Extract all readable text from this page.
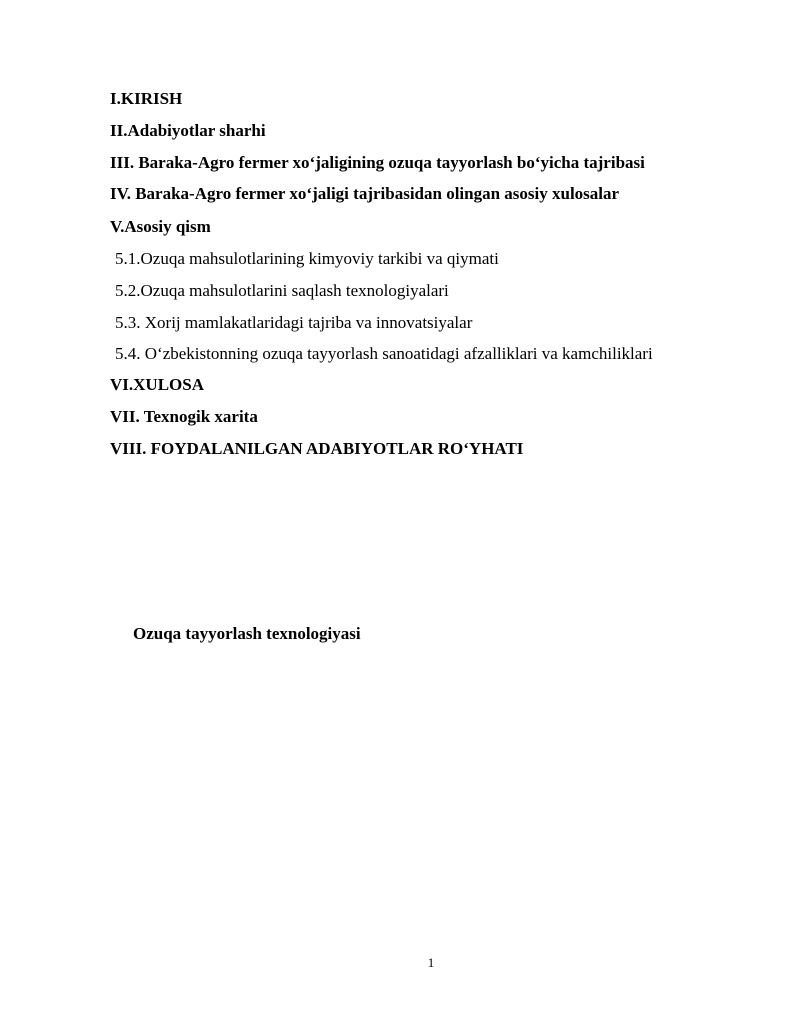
I.KIRISH
II.Adabiyotlar sharhi
III. Baraka-Agro fermer xo‘jaligining ozuqa tayyorlash bo‘yicha tajribasi
IV. Baraka-Agro fermer xo‘jaligi tajribasidan olingan asosiy xulosalar
V.Asosiy qism
5.1.Ozuqa mahsulotlarining kimyoviy tarkibi va qiymati
5.2.Ozuqa mahsulotlarini saqlash texnologiyalari
5.3. Xorij mamlakatlaridagi tajriba va innovatsiyalar
5.4. O‘zbekistonning ozuqa tayyorlash sanoatidagi afzalliklari va kamchiliklari
VI.XULOSA
VII. Texnogik xarita
VIII. FOYDALANILGAN ADABIYOTLAR RO‘YHATI
Ozuqa tayyorlash texnologiyasi
1
